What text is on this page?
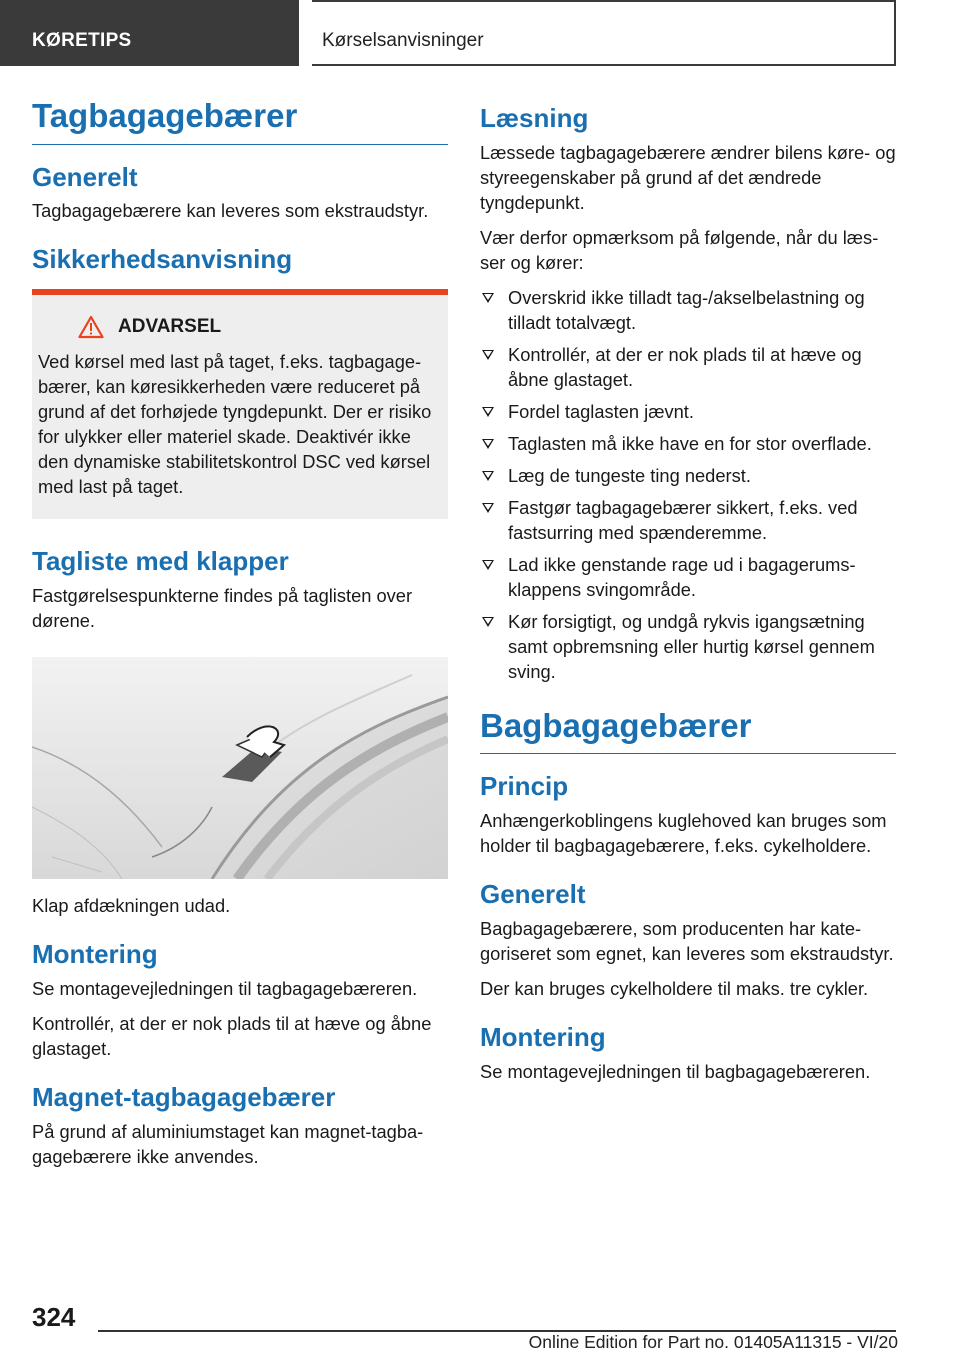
KØRETIPS	Kørselsanvisninger
Tagbagagebærer
Generelt

Tagbagagebærere kan leveres som ekstraudstyr.

Sikkerhedsanvisning
ADVARSEL

Ved kørsel med last på taget, f.eks. tagbagagebærer, kan køresikkerheden være reduceret på grund af det forhøjede tyngdepunkt. Der er risiko for ulykker eller materiel skade. Deaktivér ikke den dynamiske stabilitetskontrol DSC ved kørsel med last på taget.

Tagliste med klapper

Fastgørelsespunkterne findes på taglisten over dørene.

Klap afdækningen udad.

Montering

Se montagevejledningen til tagbagagebæreren.

Kontrollér, at der er nok plads til at hæve og åbne glastaget.

Magnet‑tagbagagebærer

På grund af aluminiumstaget kan magnet‑tagbagagebærere ikke anvendes.

Læsning

Læssede tagbagagebærere ændrer bilens køre- og styreegenskaber på grund af det ændrede tyngdepunkt.

Vær derfor opmærksom på følgende, når du læsser og kører:

Overskrid ikke tilladt tag-/akselbelastning og tilladt totalvægt.
Kontrollér, at der er nok plads til at hæve og åbne glastaget.
Fordel taglasten jævnt.
Taglasten må ikke have en for stor overflade.
Læg de tungeste ting nederst.
Fastgør tagbagagebærer sikkert, f.eks. ved fastsurring med spænderemme.
Lad ikke genstande rage ud i bagagerumsklappens svingområde.
Kør forsigtigt, og undgå rykvis igangsætning samt opbremsning eller hurtig kørsel gennem sving.
Bagbagagebærer
Princip

Anhængerkoblingens kuglehoved kan bruges som holder til bagbagagebærere, f.eks. cykelholdere.

Generelt

Bagbagagebærere, som producenten har kategoriseret som egnet, kan leveres som ekstraudstyr.

Der kan bruges cykelholdere til maks. tre cykler.

Montering

Se montagevejledningen til bagbagagebæreren.

324
Online Edition for Part no. 01405A11315 - VI/20
